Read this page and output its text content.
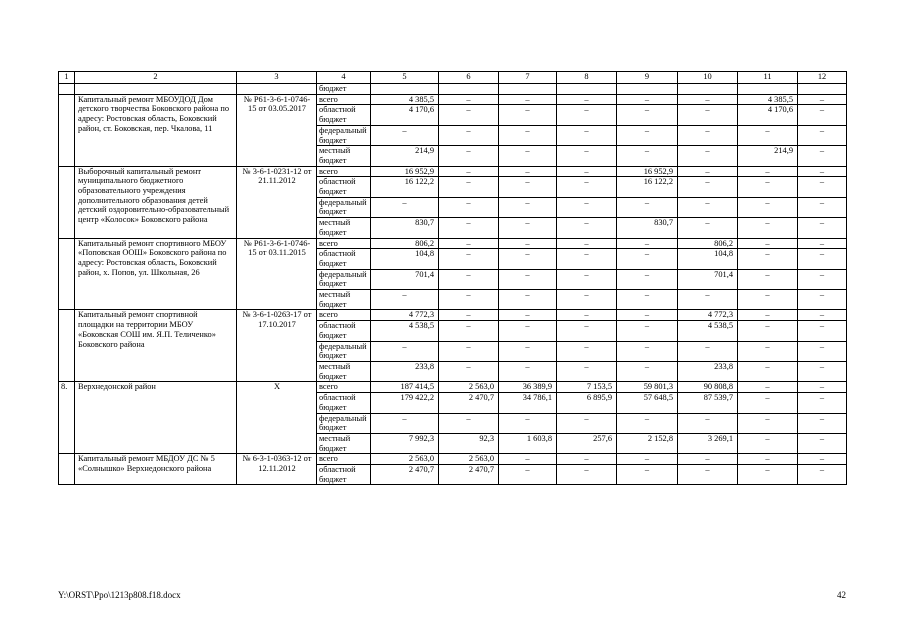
1	2	3	4	5	6	7	8	9	10	11	12
			бюджет								
	Капитальный ремонт МБОУДОД Дом детского творчества Боковского района по адресу: Ростовская область, Боковский район, ст. Боковская, пер. Чкалова, 11	№ Р61-3-6-1-0746-15 от 03.05.2017	всего	4 385,5	–	–	–	–	–	4 385,5	–
			областной бюджет	4 170,6	–	–	–	–	–	4 170,6	–
			федеральный бюджет	–	–	–	–	–	–	–	–
			местный бюджет	214,9	–	–	–	–	–	214,9	–
	Выборочный капитальный ремонт муниципального бюджетного образовательного учреждения дополнительного образования детей детский оздоровительно-образовательный центр «Колосок» Боковского района	№ 3-6-1-0231-12 от 21.11.2012	всего	16 952,9	–	–	–	16 952,9	–	–	–
			областной бюджет	16 122,2	–	–	–	16 122,2	–	–	–
			федеральный бюджет	–	–	–	–	–	–	–	–
			местный бюджет	830,7	–	–	–	830,7	–	–	–
	Капитальный ремонт спортивного МБОУ «Поповская ООШ» Боковского района по адресу: Ростовская область, Боковский район, х. Попов, ул. Школьная, 26	№ Р61-3-6-1-0746-15 от 03.11.2015	всего	806,2	–	–	–	–	806,2	–	–
			областной бюджет	104,8	–	–	–	–	104,8	–	–
			федеральный бюджет	701,4	–	–	–	–	701,4	–	–
			местный бюджет	–	–	–	–	–	–	–	–
	Капитальный ремонт спортивной площадки на территории МБОУ «Боковская СОШ им. Я.П. Теличенко» Боковского района	№ 3-6-1-0263-17 от 17.10.2017	всего	4 772,3	–	–	–	–	4 772,3	–	–
			областной бюджет	4 538,5	–	–	–	–	4 538,5	–	–
			федеральный бюджет	–	–	–	–	–	–	–	–
			местный бюджет	233,8	–	–	–	–	233,8	–	–
8.	Верхнедонской район	Х	всего	187 414,5	2 563,0	36 389,9	7 153,5	59 801,3	90 808,8	–	–
			областной бюджет	179 422,2	2 470,7	34 786,1	6 895,9	57 648,5	87 539,7	–	–
			федеральный бюджет	–	–	–	–	–	–	–	–
			местный бюджет	7 992,3	92,3	1 603,8	257,6	2 152,8	3 269,1	–	–
	Капитальный ремонт МБДОУ ДС № 5 «Солнышко» Верхнедонского района	№ 6-3-1-0363-12 от 12.11.2012	всего	2 563,0	2 563,0	–	–	–	–	–	–
			областной бюджет	2 470,7	2 470,7	–	–	–	–	–	–
Y:\ORST\Ppo\1213p808.f18.docx	42
